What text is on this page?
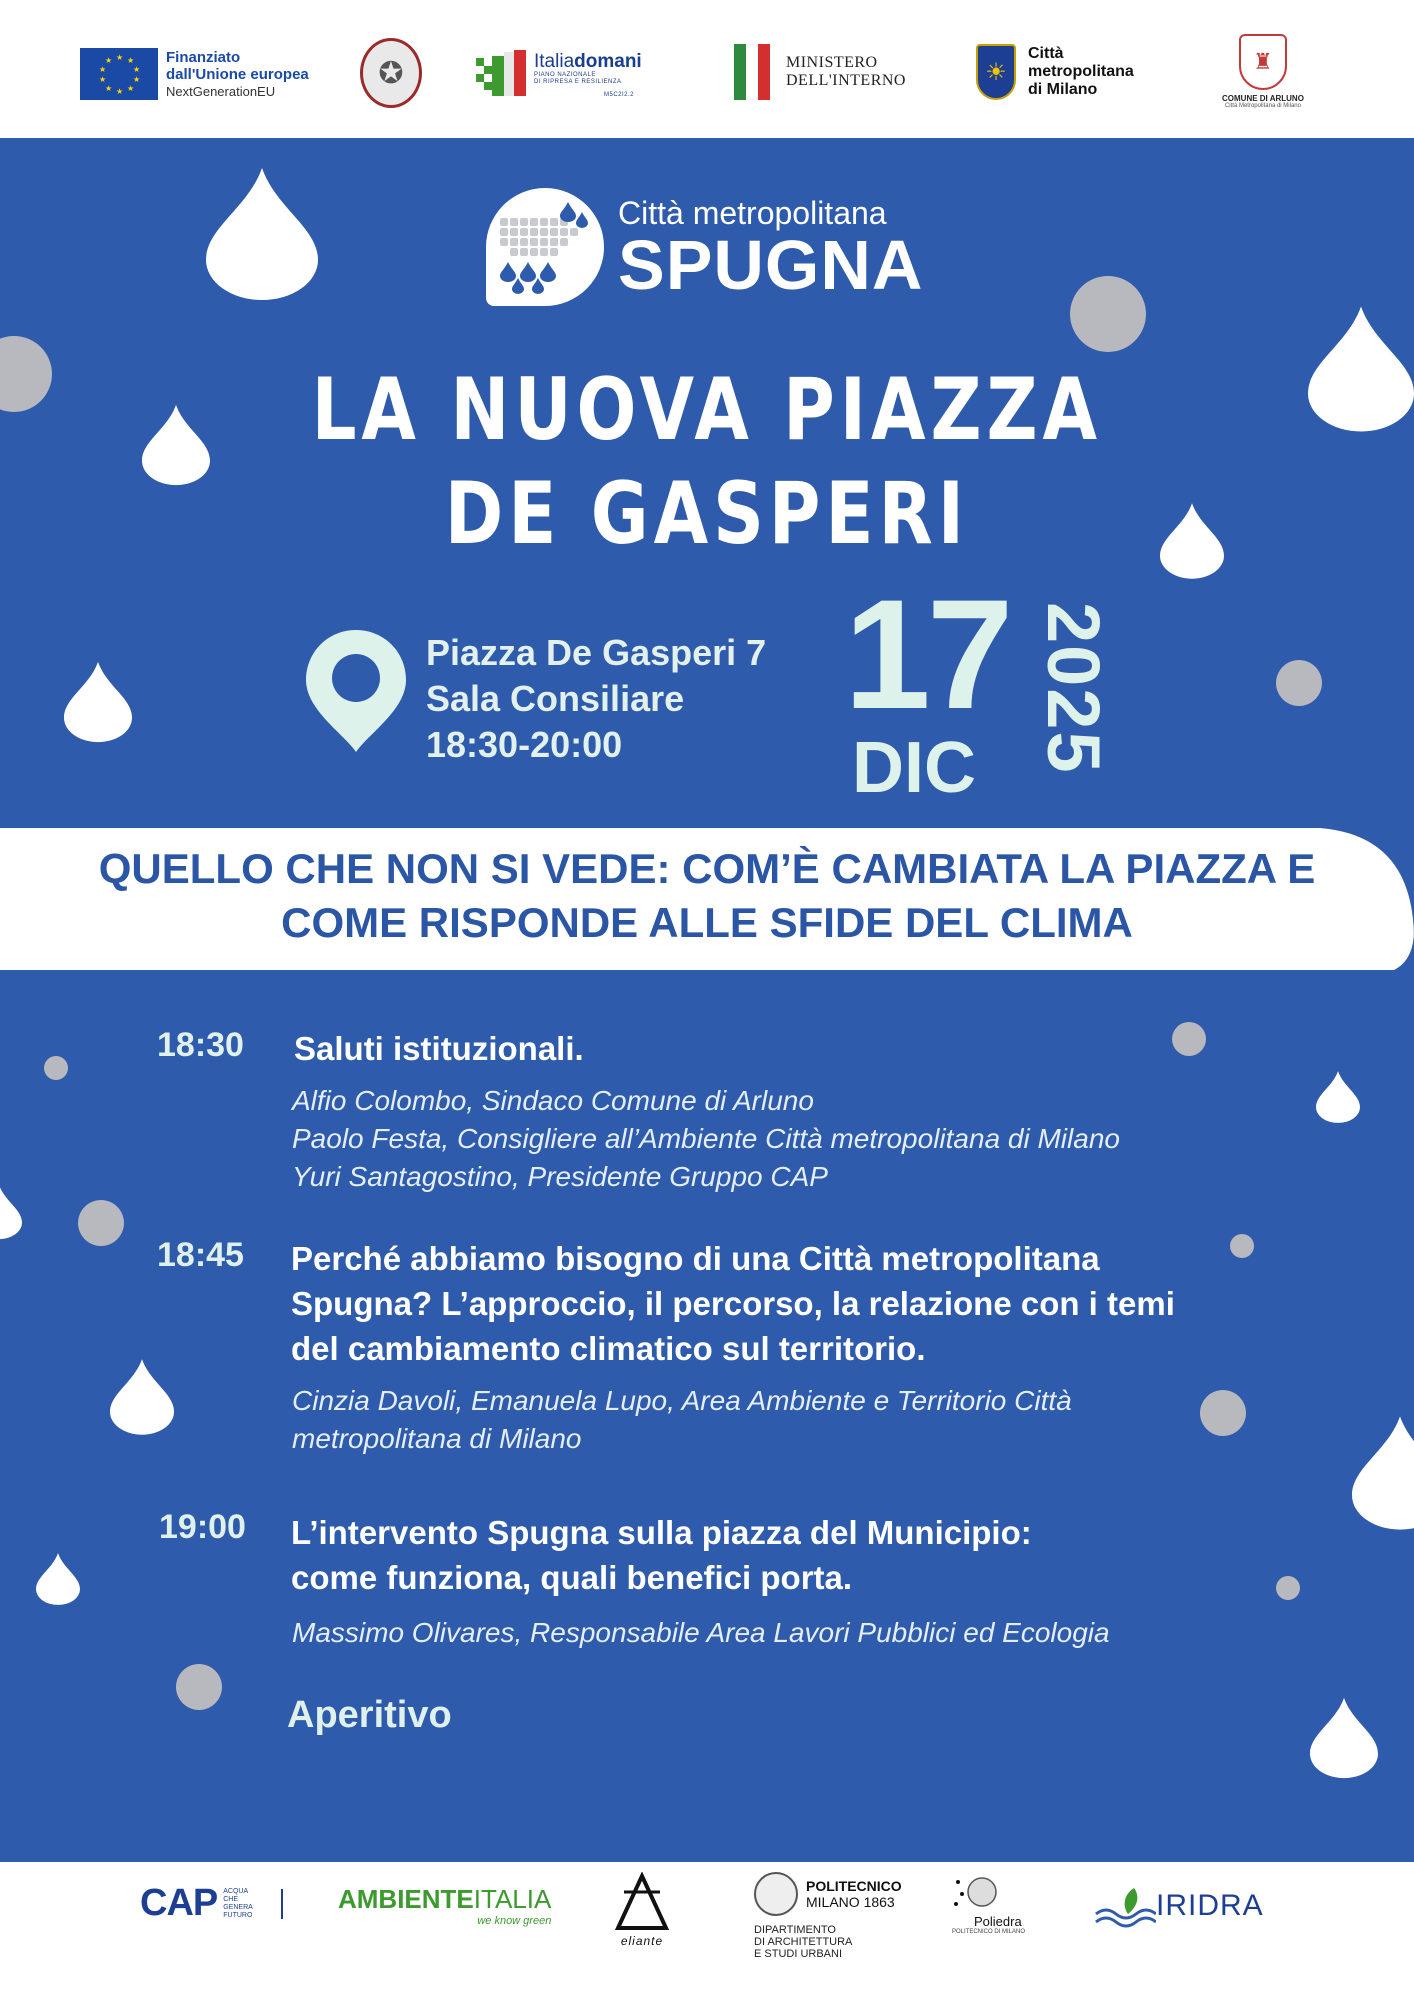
★ ★
★
★
★
★
★
★
★
★	Finanziato
dall'Unione europea
NextGenerationEU
✪	Italiadomani
PIANO NAZIONALE
DI RIPRESA E RESILIENZA
M5C2I2.2
MINISTERO
DELL'INTERNO	☀
Città
metropolitana
di Milano
♜
COMUNE DI ARLUNO
Città Metropolitana di Milano
Città metropolitana
SPUGNA
LA NUOVA PIAZZA
DE GASPERI
Piazza De Gasperi 7
Sala Consiliare
18:30-20:00
17
DIC 2025
QUELLO CHE NON SI VEDE: COM’È CAMBIATA LA PIAZZA E
COME RISPONDE ALLE SFIDE DEL CLIMA
18:30 Saluti istituzionali.
Alfio Colombo, Sindaco Comune di Arluno
Paolo Festa, Consigliere all’Ambiente Città metropolitana di Milano
Yuri Santagostino, Presidente Gruppo CAP
18:45 Perché abbiamo bisogno di una Città metropolitana
Spugna? L’approccio, il percorso, la relazione con i temi
del cambiamento climatico sul territorio.
Cinzia Davoli, Emanuela Lupo, Area Ambiente e Territorio Città
metropolitana di Milano
19:00 L’intervento Spugna sulla piazza del Municipio:
come funziona, quali benefici porta.
Massimo Olivares, Responsabile Area Lavori Pubblici ed Ecologia
Aperitivo
CAP ACQUA
CHE
GENERA
FUTURO
AMBIENTEITALIA
we know green
eliante
POLITECNICO
MILANO 1863
DIPARTIMENTO
DI ARCHITETTURA
E STUDI URBANI
Poliedra
POLITECNICO DI MILANO
IRIDRA
